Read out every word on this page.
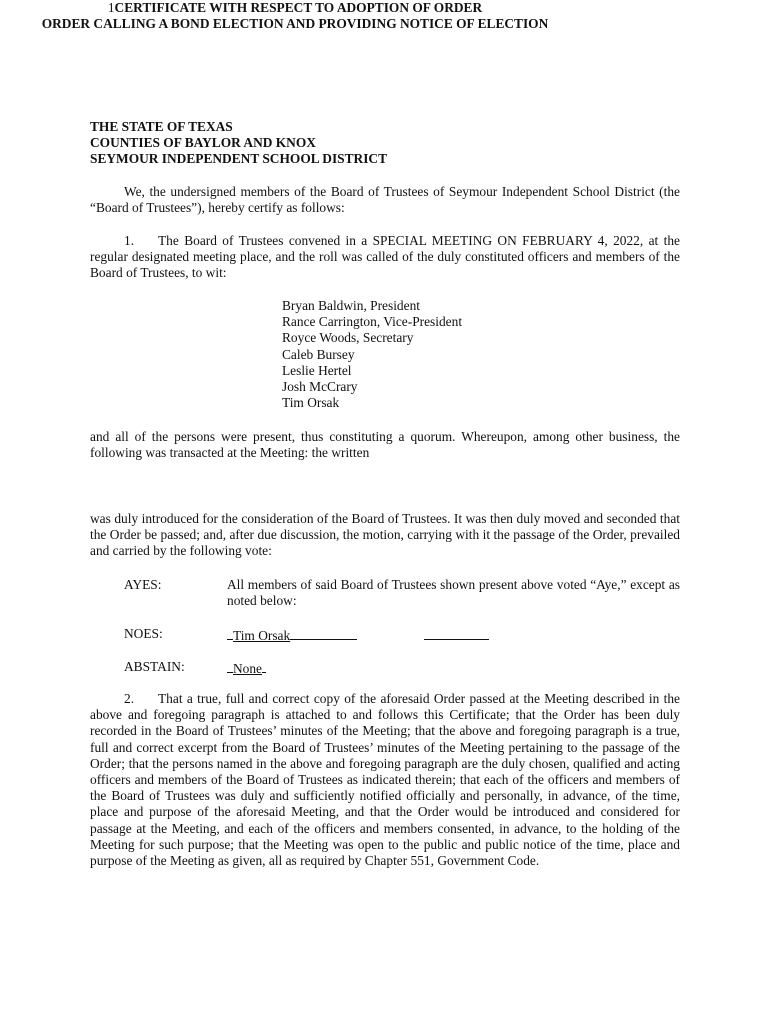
1CERTIFICATE WITH RESPECT TO ADOPTION OF ORDER
THE STATE OF TEXAS
COUNTIES OF BAYLOR AND KNOX
SEYMOUR INDEPENDENT SCHOOL DISTRICT

We, the undersigned members of the Board of Trustees of Seymour Independent School District (the “Board of Trustees”), hereby certify as follows:

1. The Board of Trustees convened in a SPECIAL MEETING ON FEBRUARY 4, 2022, at the regular designated meeting place, and the roll was called of the duly constituted officers and members of the Board of Trustees, to wit:

Bryan Baldwin, President
Rance Carrington, Vice-President
Royce Woods, Secretary
Caleb Bursey
Leslie Hertel
Josh McCrary
Tim Orsak

and all of the persons were present, thus constituting a quorum. Whereupon, among other business, the following was transacted at the Meeting: the written

ORDER CALLING A BOND ELECTION AND PROVIDING NOTICE OF ELECTION

was duly introduced for the consideration of the Board of Trustees. It was then duly moved and seconded that the Order be passed; and, after due discussion, the motion, carrying with it the passage of the Order, prevailed and carried by the following vote:

AYES:	All members of said Board of Trustees shown present above voted “Aye,” except as noted below:
NOES:	Tim Orsak
ABSTAIN:	None

2. That a true, full and correct copy of the aforesaid Order passed at the Meeting described in the above and foregoing paragraph is attached to and follows this Certificate; that the Order has been duly recorded in the Board of Trustees’ minutes of the Meeting; that the above and foregoing paragraph is a true, full and correct excerpt from the Board of Trustees’ minutes of the Meeting pertaining to the passage of the Order; that the persons named in the above and foregoing paragraph are the duly chosen, qualified and acting officers and members of the Board of Trustees as indicated therein; that each of the officers and members of the Board of Trustees was duly and sufficiently notified officially and personally, in advance, of the time, place and purpose of the aforesaid Meeting, and that the Order would be introduced and considered for passage at the Meeting, and each of the officers and members consented, in advance, to the holding of the Meeting for such purpose; that the Meeting was open to the public and public notice of the time, place and purpose of the Meeting as given, all as required by Chapter 551, Government Code.
